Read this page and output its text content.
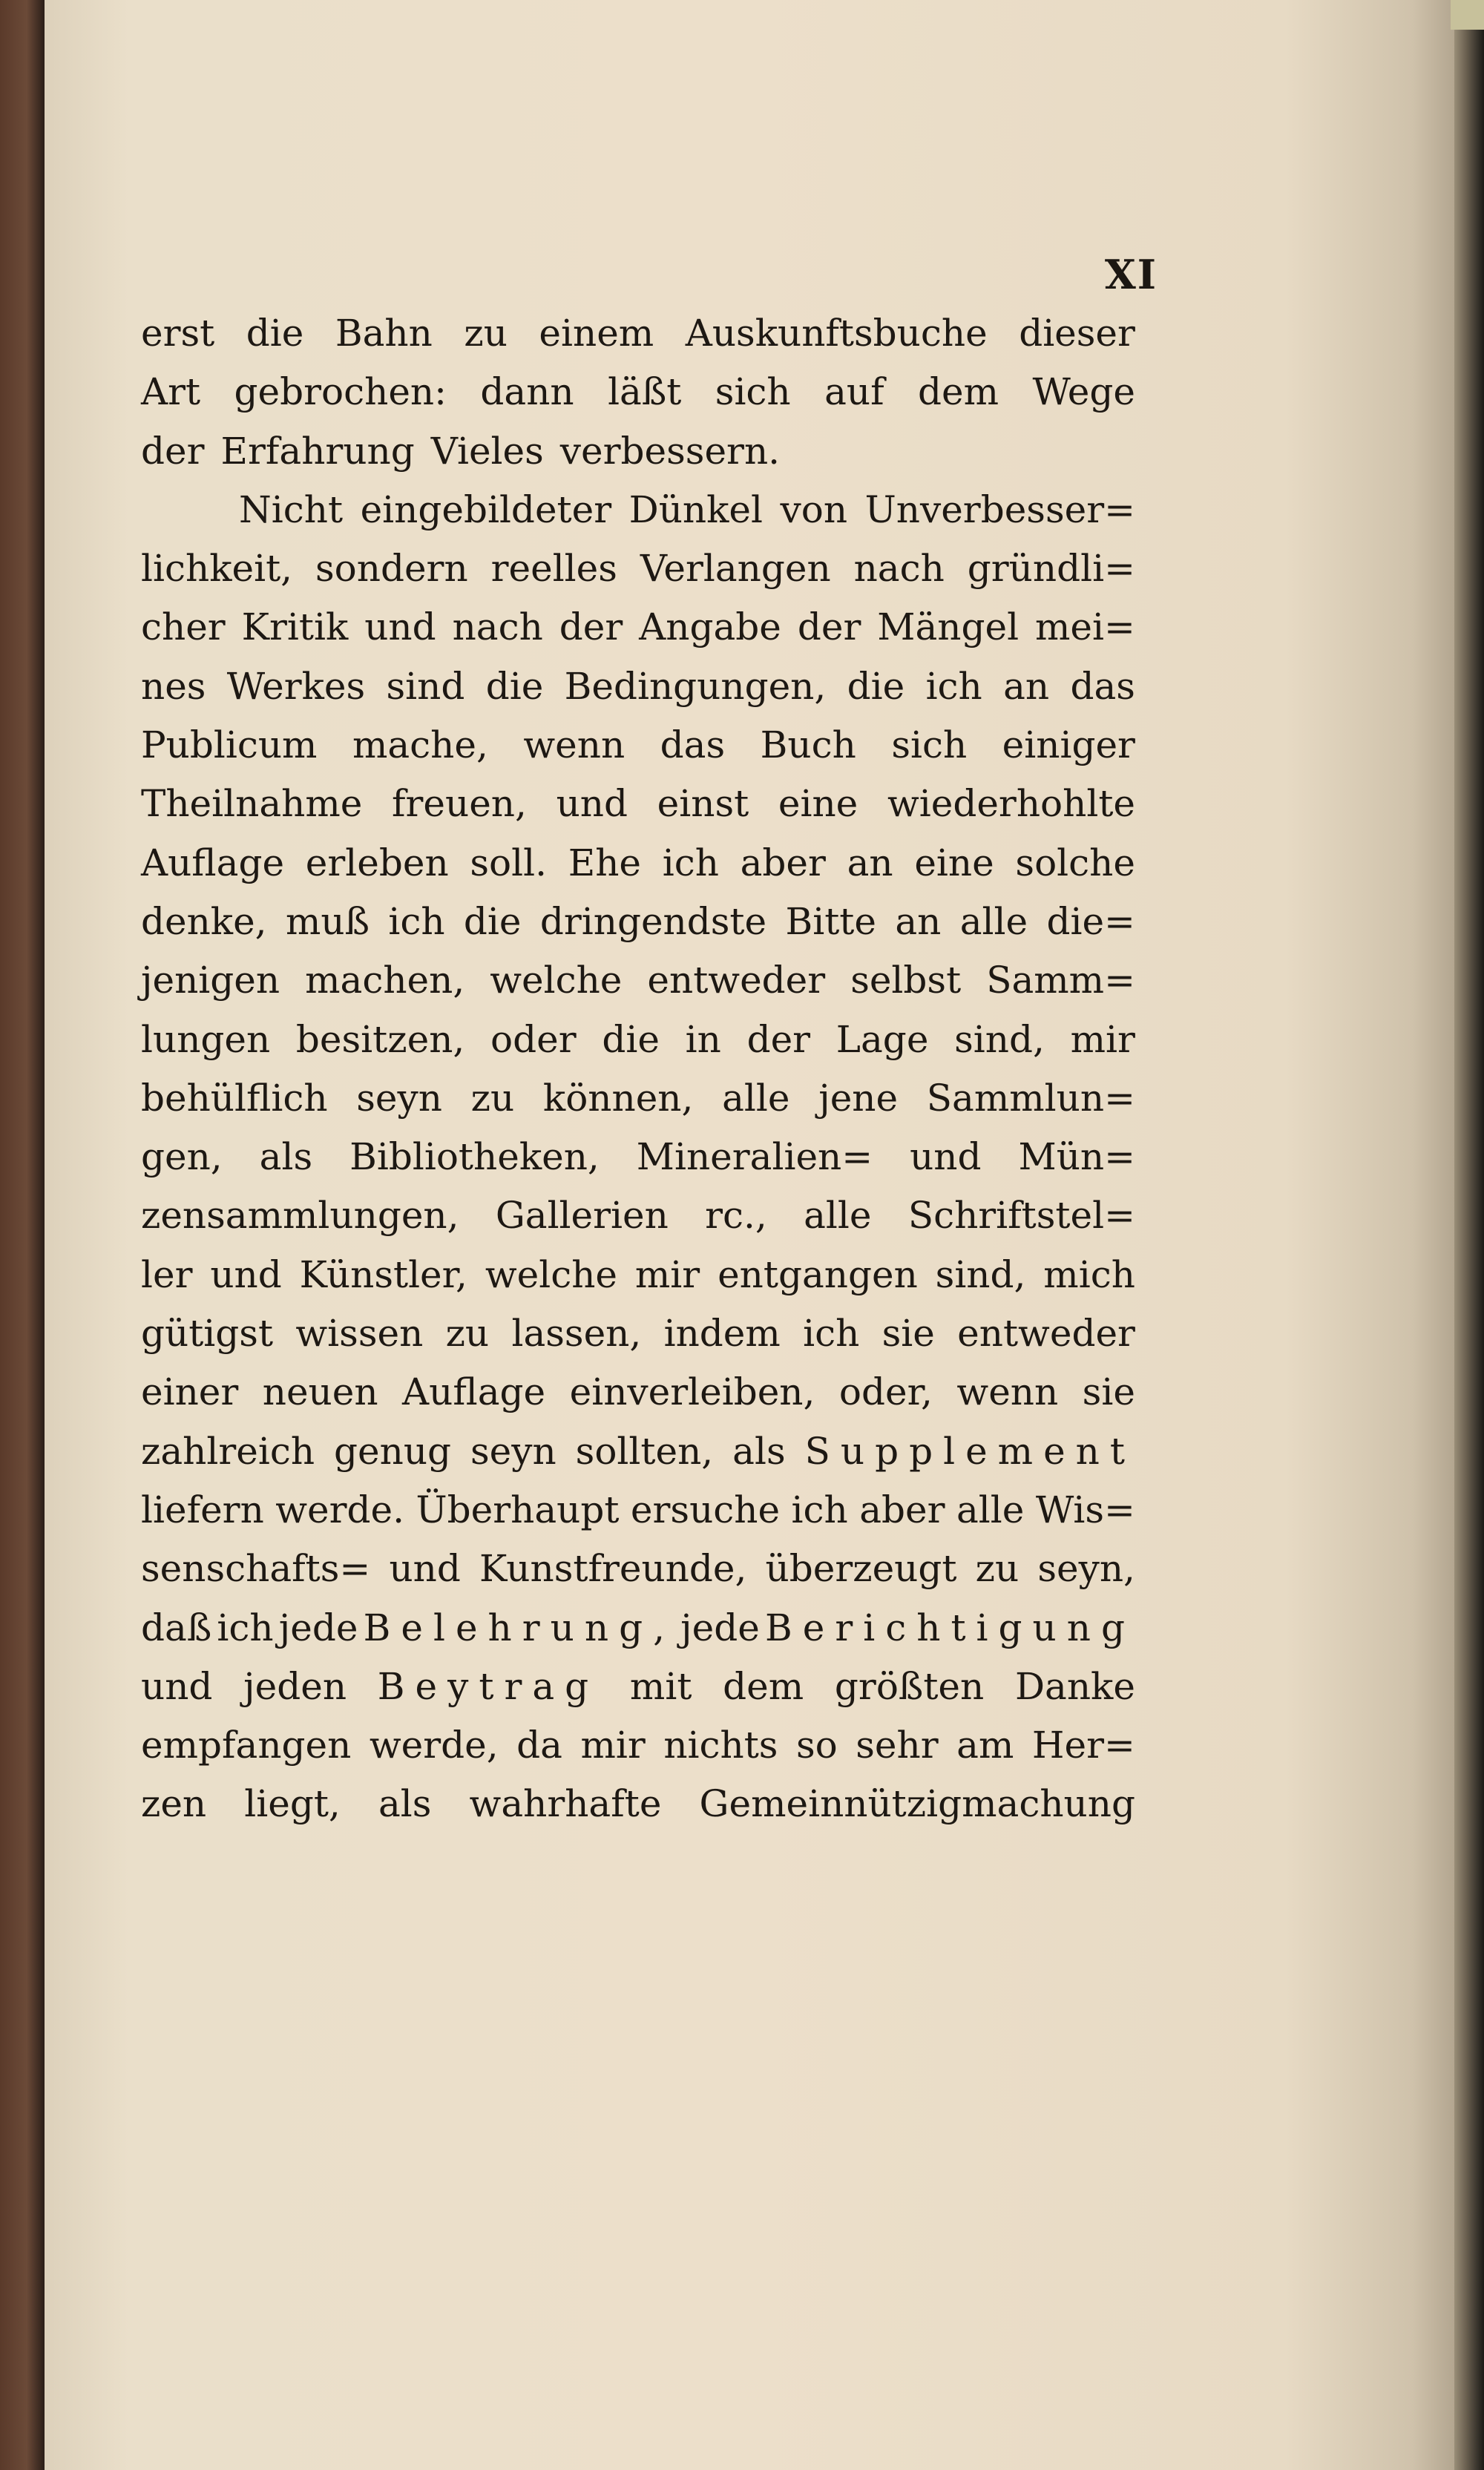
XI
erst die Bahn zu einem Auskunftsbuche dieser
Art gebrochen: dann läßt sich auf dem Wege
der Erfahrung Vieles verbessern.
Nicht eingebildeter Dünkel von Unverbesser=
lichkeit, sondern reelles Verlangen nach gründli=
cher Kritik und nach der Angabe der Mängel mei=
nes Werkes sind die Bedingungen, die ich an das
Publicum mache, wenn das Buch sich einiger
Theilnahme freuen, und einst eine wiederhohlte
Auflage erleben soll. Ehe ich aber an eine solche
denke, muß ich die dringendste Bitte an alle die=
jenigen machen, welche entweder selbst Samm=
lungen besitzen, oder die in der Lage sind, mir
behülflich seyn zu können, alle jene Sammlun=
gen, als Bibliotheken, Mineralien= und Mün=
zensammlungen, Gallerien rc., alle Schriftstel=
ler und Künstler, welche mir entgangen sind, mich
gütigst wissen zu lassen, indem ich sie entweder
einer neuen Auflage einverleiben, oder, wenn sie
zahlreich genug seyn sollten, als Supplement
liefern werde. Überhaupt ersuche ich aber alle Wis=
senschafts= und Kunstfreunde, überzeugt zu seyn,
daß ich jede Belehrung, jede Berichtigung
und jeden Beytrag mit dem größten Danke
empfangen werde, da mir nichts so sehr am Her=
zen liegt, als wahrhafte Gemeinnützigmachung
